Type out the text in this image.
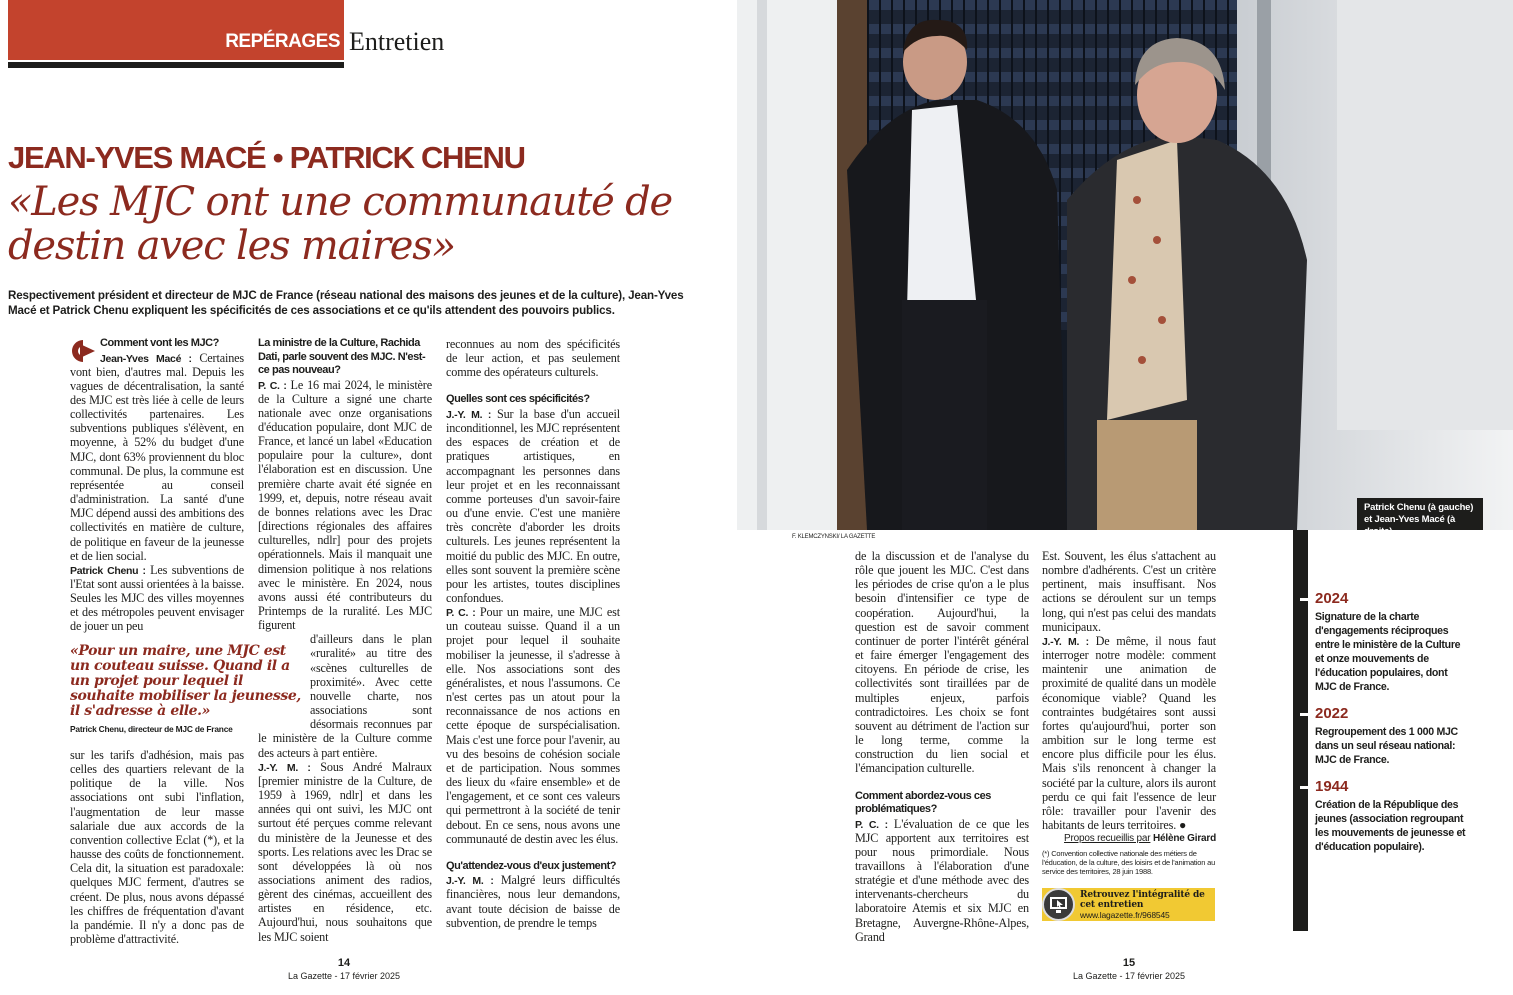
REPÉRAGES Entretien
JEAN-YVES MACÉ • PATRICK CHENU
«Les MJC ont une communauté de destin avec les maires»
Respectivement président et directeur de MJC de France (réseau national des maisons des jeunes et de la culture), Jean-Yves Macé et Patrick Chenu expliquent les spécificités de ces associations et ce qu'ils attendent des pouvoirs publics.

Comment vont les MJC?

Jean-Yves Macé : Certaines vont bien, d'autres mal. Depuis les vagues de décentralisation, la santé des MJC est très liée à celle de leurs collectivités partenaires. Les subventions publiques s'élèvent, en moyenne, à 52% du budget d'une MJC, dont 63% proviennent du bloc communal. De plus, la commune est représentée au conseil d'administration. La santé d'une MJC dépend aussi des ambitions des collectivités en matière de culture, de politique en faveur de la jeunesse et de lien social.

Patrick Chenu : Les subventions de l'Etat sont aussi orientées à la baisse. Seules les MJC des villes moyennes et des métropoles peuvent envisager de jouer un peu

«Pour un maire, une MJC est un couteau suisse. Quand il a un projet pour lequel il souhaite mobiliser la jeunesse, il s'adresse à elle.»
Patrick Chenu, directeur de MJC de France

sur les tarifs d'adhésion, mais pas celles des quartiers relevant de la politique de la ville. Nos associations ont subi l'inflation, l'augmentation de leur masse salariale due aux accords de la convention collective Eclat (*), et la hausse des coûts de fonctionnement. Cela dit, la situation est paradoxale: quelques MJC ferment, d'autres se créent. De plus, nous avons dépassé les chiffres de fréquentation d'avant la pandémie. Il n'y a donc pas de problème d'attractivité.

La ministre de la Culture, Rachida Dati, parle souvent des MJC. N'est-ce pas nouveau?

P. C. : Le 16 mai 2024, le ministère de la Culture a signé une charte nationale avec onze organisations d'éducation populaire, dont MJC de France, et lancé un label «Education populaire pour la culture», dont l'élaboration est en discussion. Une première charte avait été signée en 1999, et, depuis, notre réseau avait de bonnes relations avec les Drac [directions régionales des affaires culturelles, ndlr] pour des projets opérationnels. Mais il manquait une dimension politique à nos relations avec le ministère. En 2024, nous avons aussi été contributeurs du Printemps de la ruralité. Les MJC figurent

d'ailleurs dans le plan «ruralité» au titre des «scènes culturelles de proximité». Avec cette nouvelle charte, nos associations sont désormais reconnues par le ministère de la Culture comme des acteurs à part entière.

J.-Y. M. : Sous André Malraux [premier ministre de la Culture, de 1959 à 1969, ndlr] et dans les années qui ont suivi, les MJC ont surtout été perçues comme relevant du ministère de la Jeunesse et des sports. Les relations avec les Drac se sont développées là où nos associations animent des radios, gèrent des cinémas, accueillent des artistes en résidence, etc. Aujourd'hui, nous souhaitons que les MJC soient

reconnues au nom des spécificités de leur action, et pas seulement comme des opérateurs culturels.

Quelles sont ces spécificités?

J.-Y. M. : Sur la base d'un accueil inconditionnel, les MJC représentent des espaces de création et de pratiques artistiques, en accompagnant les personnes dans leur projet et en les reconnaissant comme porteuses d'un savoir-faire ou d'une envie. C'est une manière très concrète d'aborder les droits culturels. Les jeunes représentent la moitié du public des MJC. En outre, elles sont souvent la première scène pour les artistes, toutes disciplines confondues.

P. C. : Pour un maire, une MJC est un couteau suisse. Quand il a un projet pour lequel il souhaite mobiliser la jeunesse, il s'adresse à elle. Nos associations sont des généralistes, et nous l'assumons. Ce n'est certes pas un atout pour la reconnaissance de nos actions en cette époque de surspécialisation. Mais c'est une force pour l'avenir, au vu des besoins de cohésion sociale et de participation. Nous sommes des lieux du «faire ensemble» et de l'engagement, et ce sont ces valeurs qui permettront à la société de tenir debout. En ce sens, nous avons une communauté de destin avec les élus.

Qu'attendez-vous d'eux justement?

J.-Y. M. : Malgré leurs difficultés financières, nous leur demandons, avant toute décision de baisse de subvention, de prendre le temps

Patrick Chenu (à gauche) et Jean-Yves Macé (à droite).
F. KLEMCZYNSKI/ LA GAZETTE

de la discussion et de l'analyse du rôle que jouent les MJC. C'est dans les périodes de crise qu'on a le plus besoin d'intensifier ce type de coopération. Aujourd'hui, la question est de savoir comment continuer de porter l'intérêt général et faire émerger l'engagement des citoyens. En période de crise, les collectivités sont tiraillées par de multiples enjeux, parfois contradictoires. Les choix se font souvent au détriment de l'action sur le long terme, comme la construction du lien social et l'émancipation culturelle.

Comment abordez-vous ces problématiques?

P. C. : L'évaluation de ce que les MJC apportent aux territoires est pour nous primordiale. Nous travaillons à l'élaboration d'une stratégie et d'une méthode avec des intervenants-chercheurs du laboratoire Atemis et six MJC en Bretagne, Auvergne-Rhône-Alpes, Grand

Est. Souvent, les élus s'attachent au nombre d'adhérents. C'est un critère pertinent, mais insuffisant. Nos actions se déroulent sur un temps long, qui n'est pas celui des mandats municipaux.

J.-Y. M. : De même, il nous faut interroger notre modèle: comment maintenir une animation de proximité de qualité dans un modèle économique viable? Quand les contraintes budgétaires sont aussi fortes qu'aujourd'hui, porter son ambition sur le long terme est encore plus difficile pour les élus. Mais s'ils renoncent à changer la société par la culture, alors ils auront perdu ce qui fait l'essence de leur rôle: travailler pour l'avenir des habitants de leurs territoires. ●

Propos recueillis par Hélène Girard
(*) Convention collective nationale des métiers de l'éducation, de la culture, des loisirs et de l'animation au service des territoires, 28 juin 1988.
Retrouvez l'intégralité de cet entretien
www.lagazette.fr/968545
2024
Signature de la charte d'engagements réciproques entre le ministère de la Culture et onze mouvements de l'éducation populaires, dont MJC de France.
2022
Regroupement des 1 000 MJC dans un seul réseau national: MJC de France.
1944
Création de la République des jeunes (association regroupant les mouvements de jeunesse et d'éducation populaire).
14
La Gazette - 17 février 2025
15
La Gazette - 17 février 2025
